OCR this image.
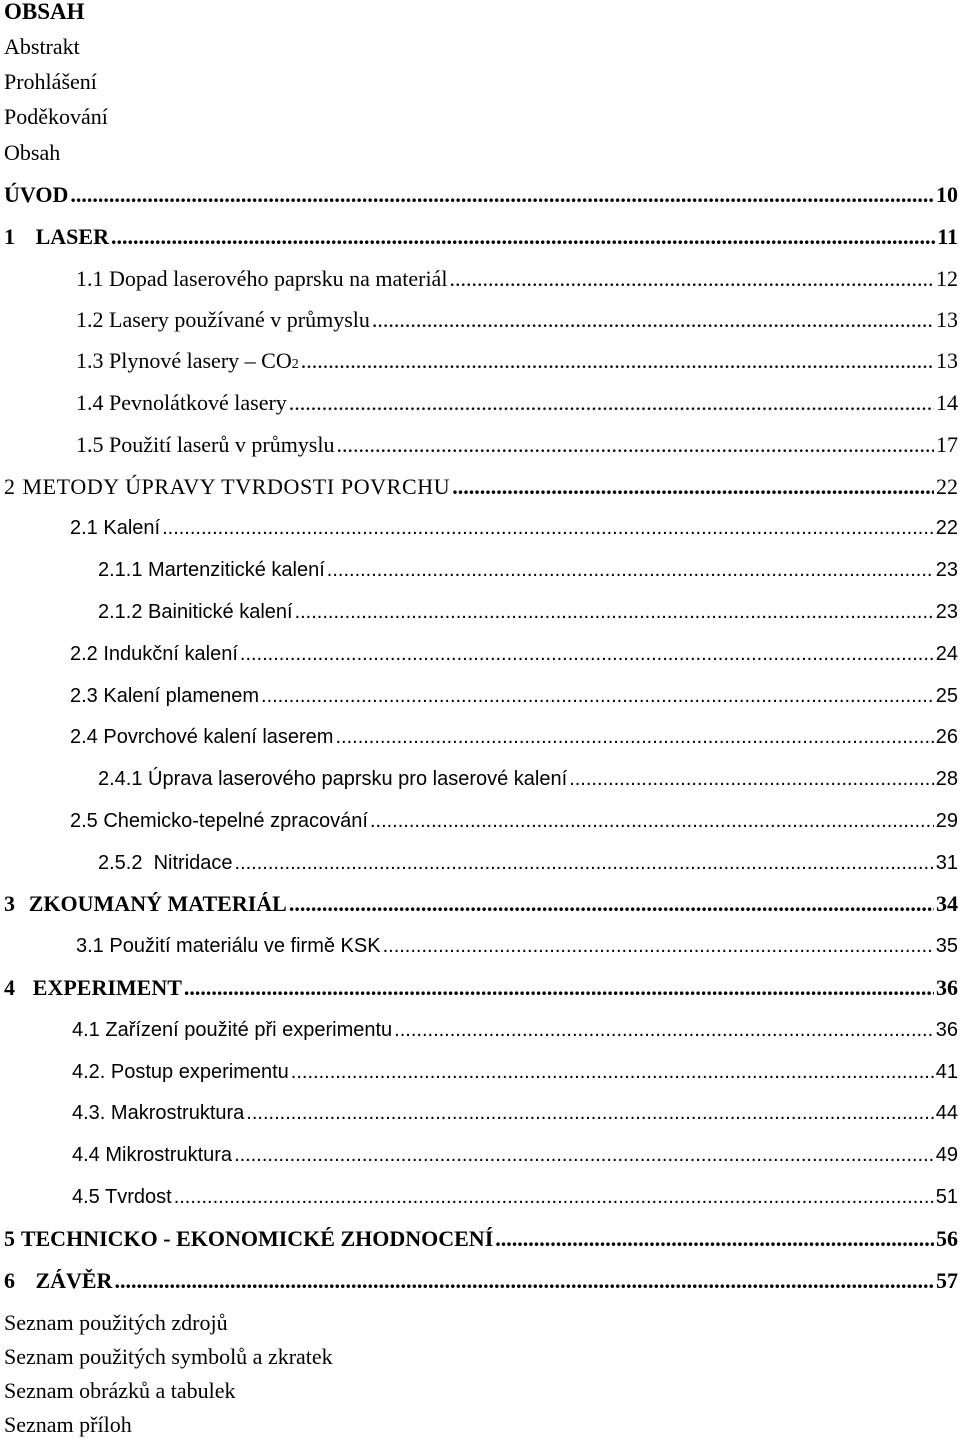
OBSAH
Abstrakt
Prohlášení
Poděkování
Obsah
ÚVOD .....	10
1 LASER .....	11
1.1 Dopad laserového paprsku na materiál .....	12
1.2 Lasery používané v průmyslu .....	13
1.3 Plynové lasery – CO 2 .....	13
1.4 Pevnolátkové lasery .....	14
1.5 Použití laserů v průmyslu .....	17
2 METODY ÚPRAVY TVRDOSTI POVRCHU .....	22
2.1 Kalení .....	22
2.1.1 Martenzitické kalení .....	23
2.1.2 Bainitické kalení .....	23
2.2 Indukční kalení .....	24
2.3 Kalení plamenem .....	25
2.4 Povrchové kalení laserem .....	26
2.4.1 Úprava laserového paprsku pro laserové kalení .....	28
2.5 Chemicko-tepelné zpracování .....	29
2.5.2  Nitridace .....	31
3 ZKOUMANÝ MATERIÁL .....	34
3.1 Použití materiálu ve firmě KSK .....	35
4 EXPERIMENT .....	36
4.1 Zařízení použité při experimentu .....	36
4.2. Postup experimentu .....	41
4.3. Makrostruktura .....	44
4.4 Mikrostruktura .....	49
4.5 Tvrdost .....	51
5 TECHNICKO - EKONOMICKÉ ZHODNOCENÍ .....	56
6 ZÁVĚR .....	57
Seznam použitých zdrojů
Seznam použitých symbolů a zkratek
Seznam obrázků a tabulek
Seznam příloh
